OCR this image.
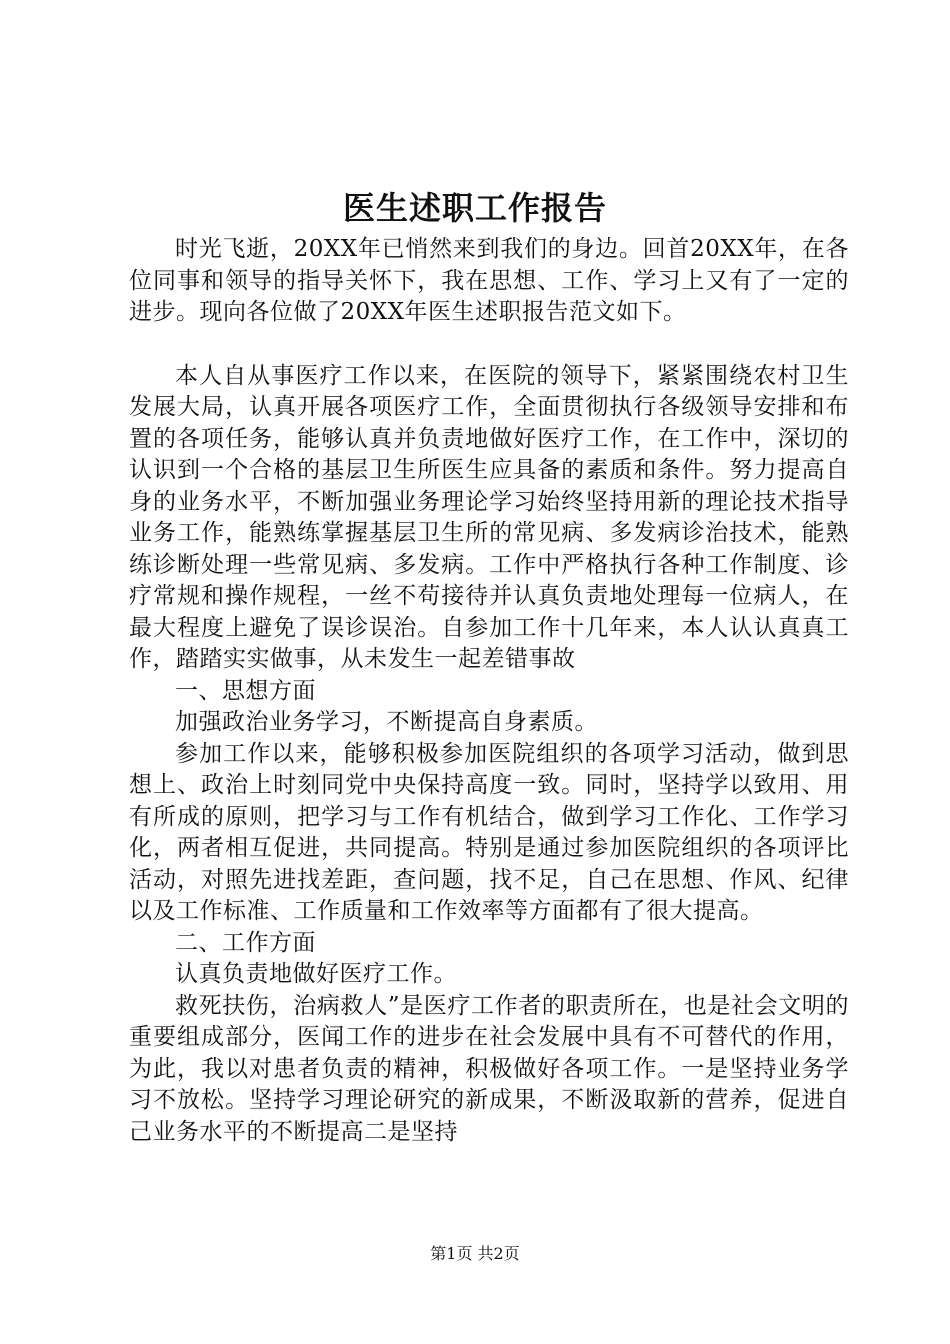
医生述职工作报告

时光飞逝，20XX年已悄然来到我们的身边。回首20XX年，在各位同事和领导的指导关怀下，我在思想、工作、学习上又有了一定的进步。现向各位做了20XX年医生述职报告范文如下。

本人自从事医疗工作以来，在医院的领导下，紧紧围绕农村卫生发展大局，认真开展各项医疗工作，全面贯彻执行各级领导安排和布置的各项任务，能够认真并负责地做好医疗工作，在工作中，深切的认识到一个合格的基层卫生所医生应具备的素质和条件。努力提高自身的业务水平，不断加强业务理论学习始终坚持用新的理论技术指导业务工作，能熟练掌握基层卫生所的常见病、多发病诊治技术，能熟练诊断处理一些常见病、多发病。工作中严格执行各种工作制度、诊疗常规和操作规程，一丝不苟接待并认真负责地处理每一位病人，在最大程度上避免了误诊误治。自参加工作十几年来，本人认认真真工作，踏踏实实做事，从未发生一起差错事故

一、思想方面

加强政治业务学习，不断提高自身素质。

参加工作以来，能够积极参加医院组织的各项学习活动，做到思想上、政治上时刻同党中央保持高度一致。同时，坚持学以致用、用有所成的原则，把学习与工作有机结合，做到学习工作化、工作学习化，两者相互促进，共同提高。特别是通过参加医院组织的各项评比活动，对照先进找差距，查问题，找不足，自己在思想、作风、纪律以及工作标准、工作质量和工作效率等方面都有了很大提高。

二、工作方面

认真负责地做好医疗工作。

救死扶伤，治病救人”是医疗工作者的职责所在，也是社会文明的重要组成部分，医闻工作的进步在社会发展中具有不可替代的作用，为此，我以对患者负责的精神，积极做好各项工作。一是坚持业务学习不放松。坚持学习理论研究的新成果，不断汲取新的营养，促进自己业务水平的不断提高二是坚持

第1页 共2页
